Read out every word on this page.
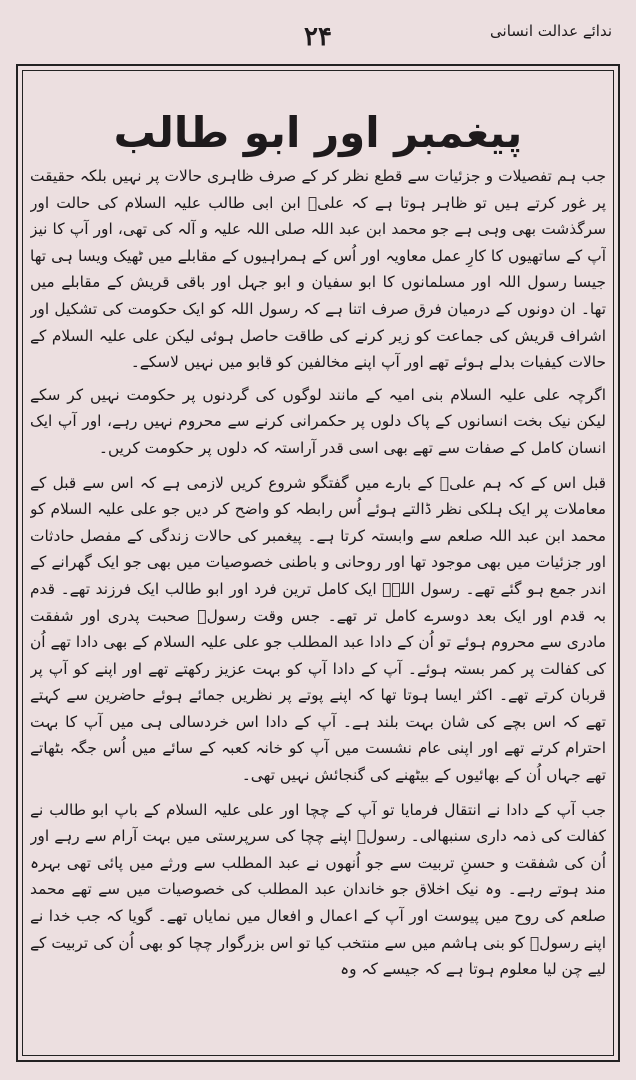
ندائے عدالت انسانی
۲۴
پیغمبر اور ابو طالب

جب ہم تفصیلات و جزئیات سے قطع نظر کر کے صرف ظاہری حالات پر نہیں بلکہ حقیقت پر غور کرتے ہیں تو ظاہر ہوتا ہے کہ علیؑ ابن ابی طالب علیہ السلام کی حالت اور سرگذشت بھی وہی ہے جو محمد ابن عبد اللہ صلی اللہ علیہ و آلہ کی تھی، اور آپ کا نیز آپ کے ساتھیوں کا کارِ عمل معاویہ اور اُس کے ہمراہیوں کے مقابلے میں ٹھیک ویسا ہی تھا جیسا رسول اللہ اور مسلمانوں کا ابو سفیان و ابو جہل اور باقی قریش کے مقابلے میں تھا۔ ان دونوں کے درمیان فرق صرف اتنا ہے کہ رسول اللہ کو ایک حکومت کی تشکیل اور اشراف قریش کی جماعت کو زیر کرنے کی طاقت حاصل ہوئی لیکن علی علیہ السلام کے حالات کیفیات بدلے ہوئے تھے اور آپ اپنے مخالفین کو قابو میں نہیں لاسکے۔

اگرچہ علی علیہ السلام بنی امیہ کے مانند لوگوں کی گردنوں پر حکومت نہیں کر سکے لیکن نیک بخت انسانوں کے پاک دلوں پر حکمرانی کرنے سے محروم نہیں رہے، اور آپ ایک انسان کامل کے صفات سے تھے بھی اسی قدر آراستہ کہ دلوں پر حکومت کریں۔

قبل اس کے کہ ہم علیؑ کے بارے میں گفتگو شروع کریں لازمی ہے کہ اس سے قبل کے معاملات پر ایک ہلکی نظر ڈالتے ہوئے اُس رابطہ کو واضح کر دیں جو علی علیہ السلام کو محمد ابن عبد اللہ صلعم سے وابستہ کرتا ہے۔ پیغمبر کی حالات زندگی کے مفصل حادثات اور جزئیات میں بھی موجود تھا اور روحانی و باطنی خصوصیات میں بھی جو ایک گھرانے کے اندر جمع ہو گئے تھے۔ رسول اللہؐ ایک کامل ترین فرد اور ابو طالب ایک فرزند تھے۔ قدم بہ قدم اور ایک بعد دوسرے کامل تر تھے۔ جس وقت رسولؐ صحبت پدری اور شفقت مادری سے محروم ہوئے تو اُن کے دادا عبد المطلب جو علی علیہ السلام کے بھی دادا تھے اُن کی کفالت پر کمر بستہ ہوئے۔ آپ کے دادا آپ کو بہت عزیز رکھتے تھے اور اپنے کو آپ پر قربان کرتے تھے۔ اکثر ایسا ہوتا تھا کہ اپنے پوتے پر نظریں جمائے ہوئے حاضرین سے کہتے تھے کہ اس بچے کی شان بہت بلند ہے۔ آپ کے دادا اس خردسالی ہی میں آپ کا بہت احترام کرتے تھے اور اپنی عام نشست میں آپ کو خانہ کعبہ کے سائے میں اُس جگہ بٹھاتے تھے جہاں اُن کے بھائیوں کے بیٹھنے کی گنجائش نہیں تھی۔

جب آپ کے دادا نے انتقال فرمایا تو آپ کے چچا اور علی علیہ السلام کے باپ ابو طالب نے کفالت کی ذمہ داری سنبھالی۔ رسولؐ اپنے چچا کی سرپرستی میں بہت آرام سے رہے اور اُن کی شفقت و حسنِ تربیت سے جو اُنھوں نے عبد المطلب سے ورثے میں پائی تھی بہرہ مند ہوتے رہے۔ وہ نیک اخلاق جو خاندان عبد المطلب کی خصوصیات میں سے تھے محمد صلعم کی روح میں پیوست اور آپ کے اعمال و افعال میں نمایاں تھے۔ گویا کہ جب خدا نے اپنے رسولؐ کو بنی ہاشم میں سے منتخب کیا تو اس بزرگوار چچا کو بھی اُن کی تربیت کے لیے چن لیا معلوم ہوتا ہے کہ جیسے کہ وہ
